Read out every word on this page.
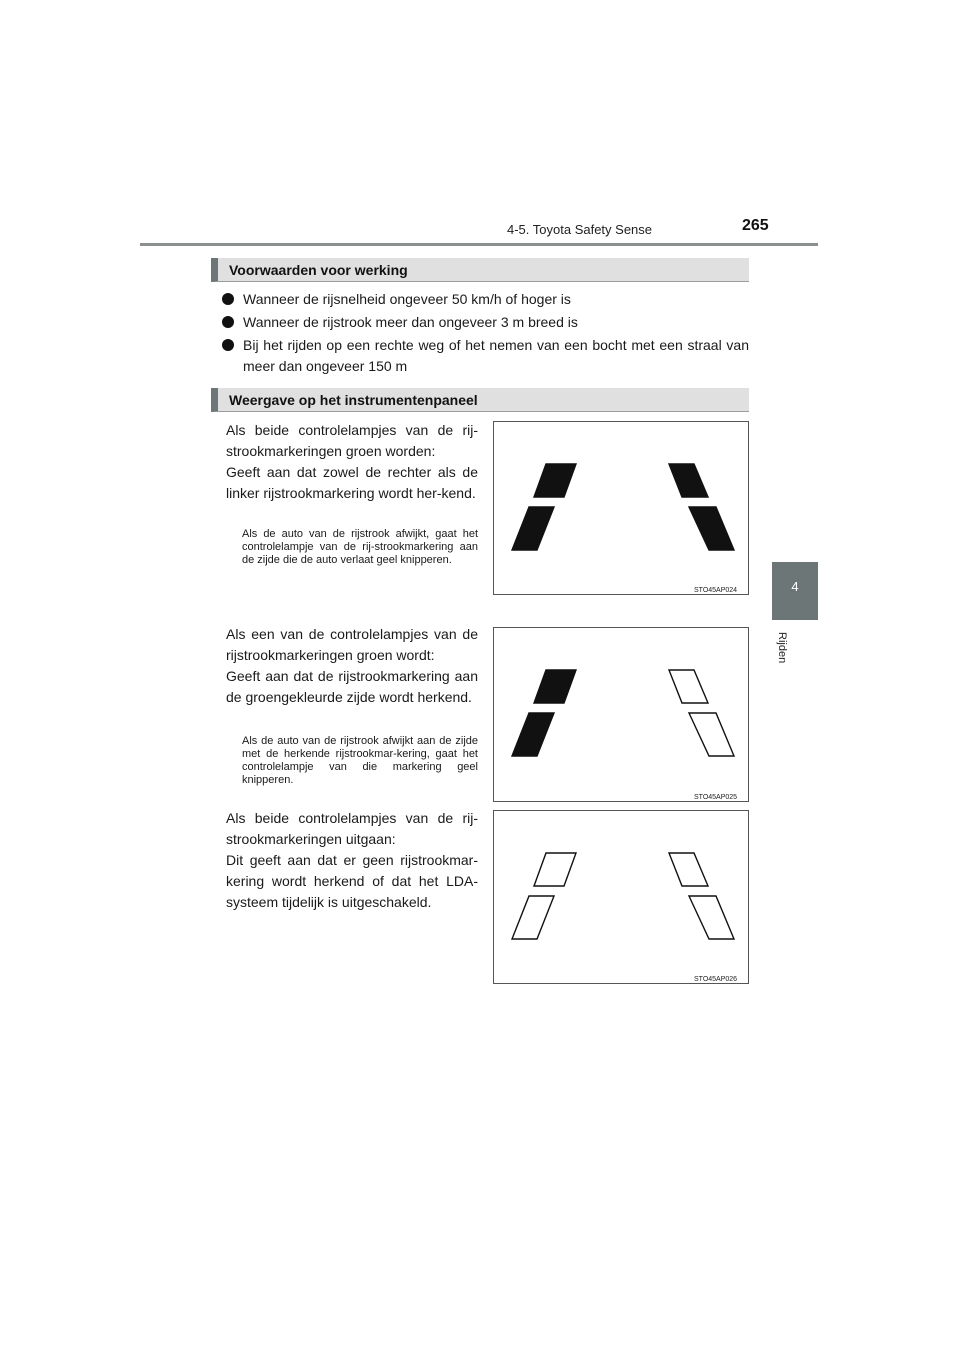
4-5. Toyota Safety Sense	265
4
Rijden
Voorwaarden voor werking
Wanneer de rijsnelheid ongeveer 50 km/h of hoger is
Wanneer de rijstrook meer dan ongeveer 3 m breed is
Bij het rijden op een rechte weg of het nemen van een bocht met een straal van meer dan ongeveer 150 m
Weergave op het instrumentenpaneel

Als beide controlelampjes van de rij-strookmarkeringen groen worden:

Geeft aan dat zowel de rechter als de linker rijstrookmarkering wordt her-kend.

Als de auto van de rijstrook afwijkt, gaat het controlelampje van de rij-strookmarkering aan de zijde die de auto verlaat geel knipperen.

STO45AP024

Als een van de controlelampjes van de rijstrookmarkeringen groen wordt:

Geeft aan dat de rijstrookmarkering aan de groengekleurde zijde wordt herkend.

Als de auto van de rijstrook afwijkt aan de zijde met de herkende rijstrookmar-kering, gaat het controlelampje van die markering geel knipperen.

STO45AP025

Als beide controlelampjes van de rij-strookmarkeringen uitgaan:

Dit geeft aan dat er geen rijstrookmar-kering wordt herkend of dat het LDA-systeem tijdelijk is uitgeschakeld.

STO45AP026
